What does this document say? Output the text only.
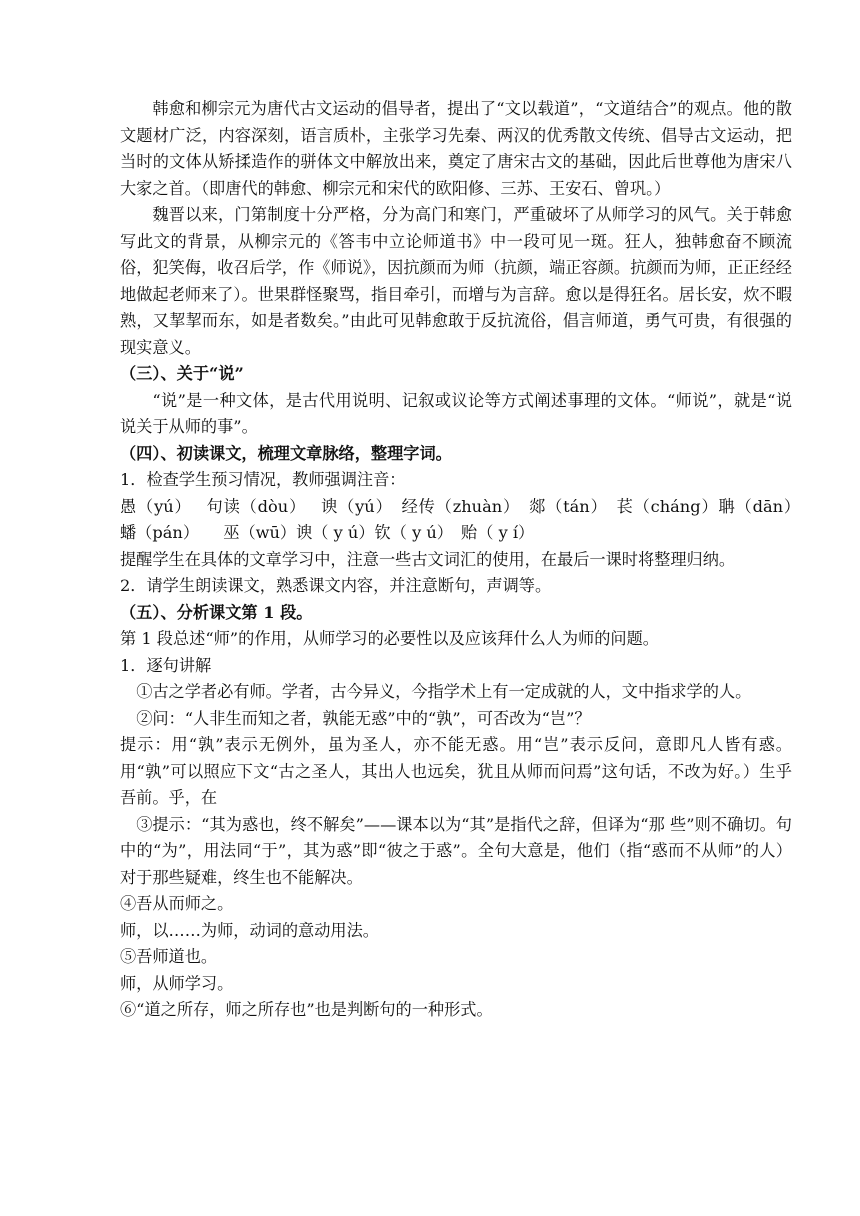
韩愈和柳宗元为唐代古文运动的倡导者，提出了“文以载道”，“文道结合”的观点。他的散文题材广泛，内容深刻，语言质朴，主张学习先秦、两汉的优秀散文传统、倡导古文运动，把当时的文体从矫揉造作的骈体文中解放出来，奠定了唐宋古文的基础，因此后世尊他为唐宋八大家之首。（即唐代的韩愈、柳宗元和宋代的欧阳修、三苏、王安石、曾巩。）

魏晋以来，门第制度十分严格，分为高门和寒门，严重破坏了从师学习的风气。关于韩愈写此文的背景，从柳宗元的《答韦中立论师道书》中一段可见一斑。狂人，独韩愈奋不顾流俗，犯笑侮，收召后学，作《师说》，因抗颜而为师（抗颜，端正容颜。抗颜而为师，正正经经地做起老师来了）。世果群怪聚骂，指目牵引，而增与为言辞。愈以是得狂名。居长安，炊不暇熟，又挈挈而东，如是者数矣。”由此可见韩愈敢于反抗流俗，倡言师道，勇气可贵，有很强的现实意义。

（三）、关于“说”

“说”是一种文体，是古代用说明、记叙或议论等方式阐述事理的文体。“师说”，就是“说说关于从师的事”。

（四）、初读课文，梳理文章脉络，整理字词。

1．检查学生预习情况，教师强调注音：

愚（yú）　 句读（dòu）　 谀（yú）　经传（zhuàn）　郯（tán）　苌（cháng）聃（dān）　 蟠（pán）　　巫（wū）谀（ y ú）钦（ y ú）　贻（ y í）

提醒学生在具体的文章学习中，注意一些古文词汇的使用，在最后一课时将整理归纳。

2．请学生朗读课文，熟悉课文内容，并注意断句，声调等。

（五）、分析课文第 1 段。

第 1 段总述“师”的作用，从师学习的必要性以及应该拜什么人为师的问题。

1．逐句讲解

①古之学者必有师。学者，古今异义，今指学术上有一定成就的人，文中指求学的人。

②问：“人非生而知之者，孰能无惑”中的“孰”，可否改为“岂”？

提示：用“孰”表示无例外，虽为圣人，亦不能无惑。用“岂”表示反问，意即凡人皆有惑。用“孰”可以照应下文“古之圣人，其出人也远矣，犹且从师而问焉”这句话，不改为好。）生乎吾前。乎，在

③提示：“其为惑也，终不解矣”——课本以为“其”是指代之辞，但译为“那 些”则不确切。句中的“为”，用法同“于”，其为惑”即“彼之于惑”。全句大意是，他们（指“惑而不从师”的人）对于那些疑难，终生也不能解决。

④吾从而师之。

师，以……为师，动词的意动用法。

⑤吾师道也。

师，从师学习。

⑥“道之所存，师之所存也”也是判断句的一种形式。
